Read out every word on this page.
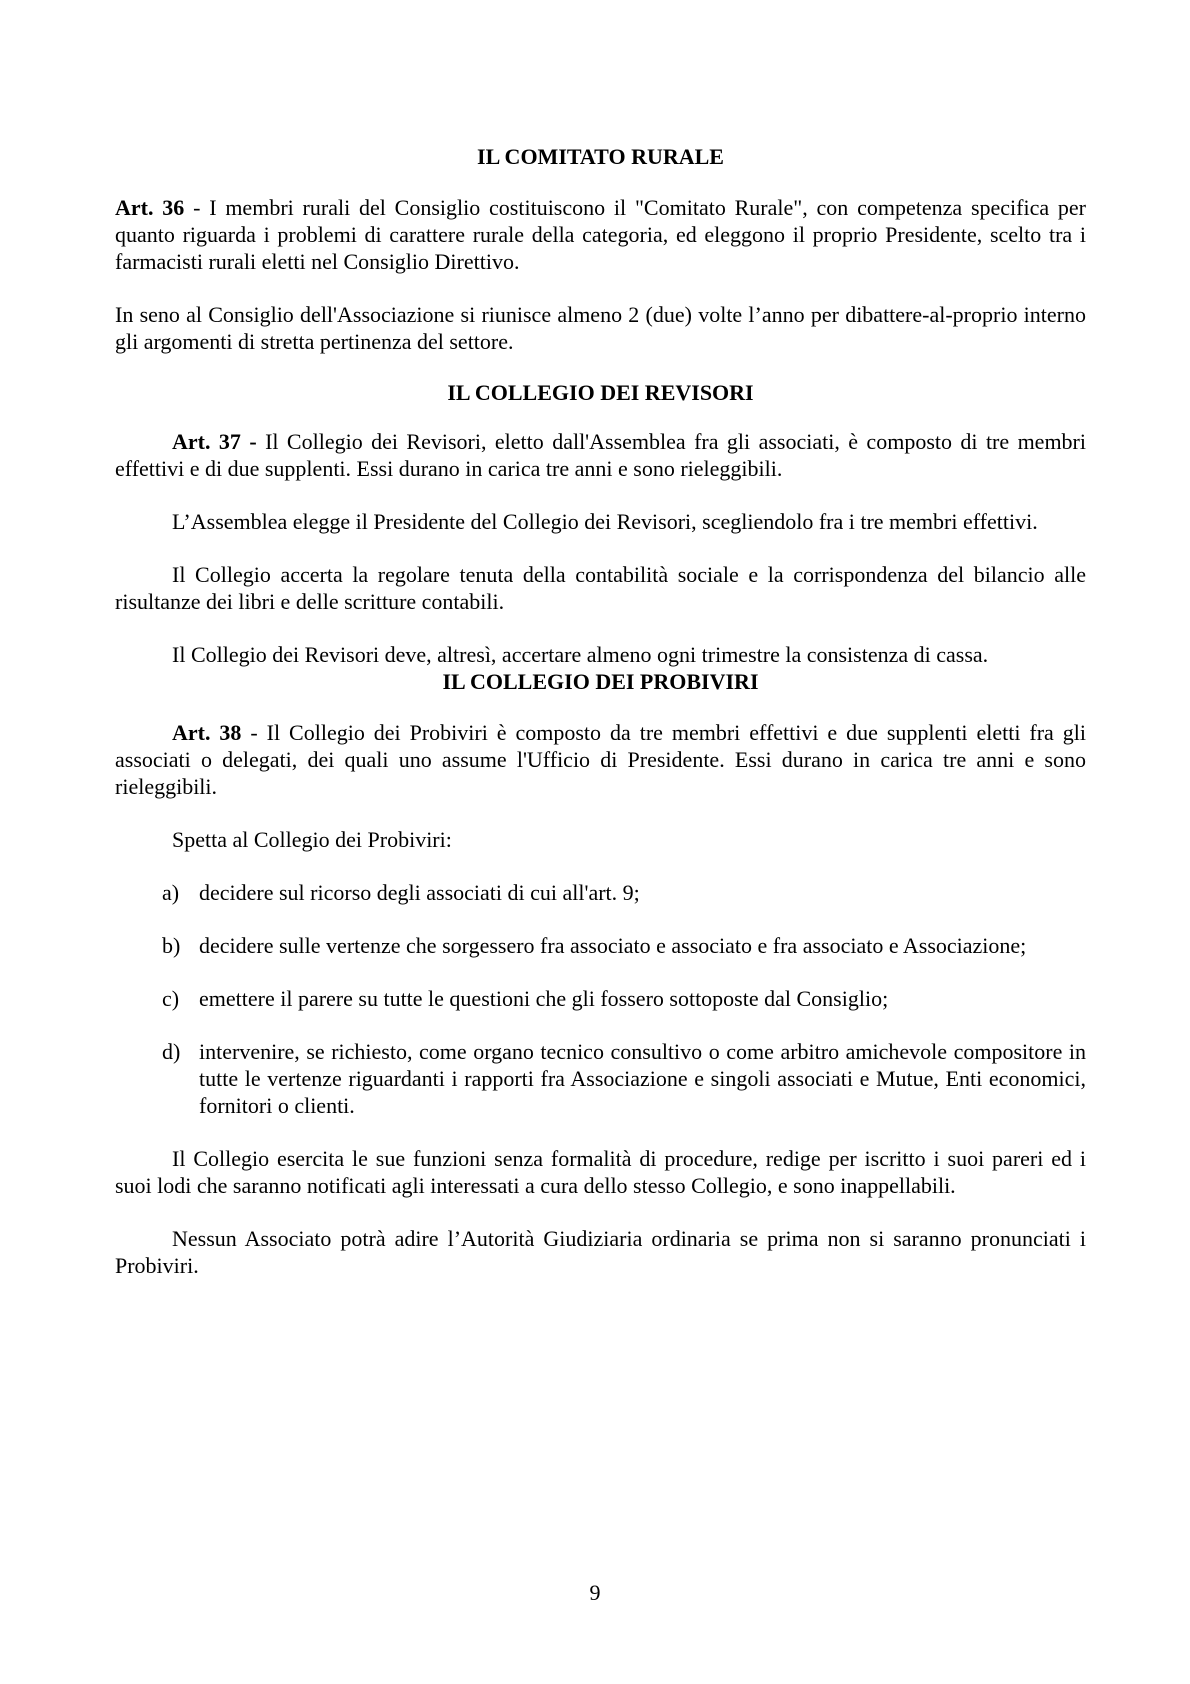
IL COMITATO RURALE

Art. 36 - I membri rurali del Consiglio costituiscono il "Comitato Rurale", con competenza specifica per quanto riguarda i problemi di carattere rurale della categoria, ed eleggono il proprio Presidente, scelto tra i farmacisti rurali eletti nel Consiglio Direttivo.

In seno al Consiglio dell'Associazione si riunisce almeno 2 (due) volte l’anno per dibattere-al-proprio interno gli argomenti di stretta pertinenza del settore.

IL COLLEGIO DEI REVISORI

Art. 37 - Il Collegio dei Revisori, eletto dall'Assemblea fra gli associati, è composto di tre membri effettivi e di due supplenti. Essi durano in carica tre anni e sono rieleggibili.

L’Assemblea elegge il Presidente del Collegio dei Revisori, scegliendolo fra i tre membri effettivi.

Il Collegio accerta la regolare tenuta della contabilità sociale e la corrispondenza del bilancio alle risultanze dei libri e delle scritture contabili.

Il Collegio dei Revisori deve, altresì, accertare almeno ogni trimestre la consistenza di cassa.

IL COLLEGIO DEI PROBIVIRI

Art. 38 - Il Collegio dei Probiviri è composto da tre membri effettivi e due supplenti eletti fra gli associati o delegati, dei quali uno assume l'Ufficio di Presidente. Essi durano in carica tre anni e sono rieleggibili.

Spetta al Collegio dei Probiviri:

a) decidere sul ricorso degli associati di cui all'art. 9;
b) decidere sulle vertenze che sorgessero fra associato e associato e fra associato e Associazione;
c) emettere il parere su tutte le questioni che gli fossero sottoposte dal Consiglio;
d) intervenire, se richiesto, come organo tecnico consultivo o come arbitro amichevole compositore in tutte le vertenze riguardanti i rapporti fra Associazione e singoli associati e Mutue, Enti economici, fornitori o clienti.

Il Collegio esercita le sue funzioni senza formalità di procedure, redige per iscritto i suoi pareri ed i suoi lodi che saranno notificati agli interessati a cura dello stesso Collegio, e sono inappellabili.

Nessun Associato potrà adire l’Autorità Giudiziaria ordinaria se prima non si saranno pronunciati i Probiviri.

9
